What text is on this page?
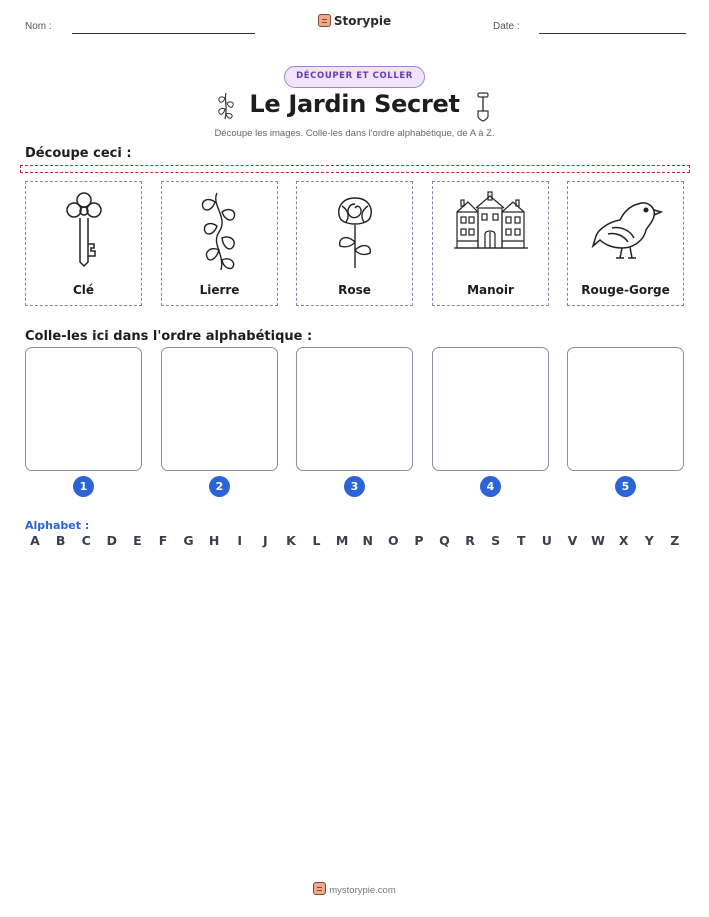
Nom :	Storypie	Date :
DÉCOUPER ET COLLER
Le Jardin Secret
Découpe les images. Colle-les dans l'ordre alphabétique, de A à Z.
Découpe ceci :
Clé	Lierre	Rose	Manoir	Rouge-Gorge
Colle-les ici dans l'ordre alphabétique :
1	2	3	4	5
Alphabet :
A	B	C	D	E	F	G	H	I	J	K	L	M	N	O	P	Q	R	S	T	U	V	W	X	Y	Z
mystorypie.com
